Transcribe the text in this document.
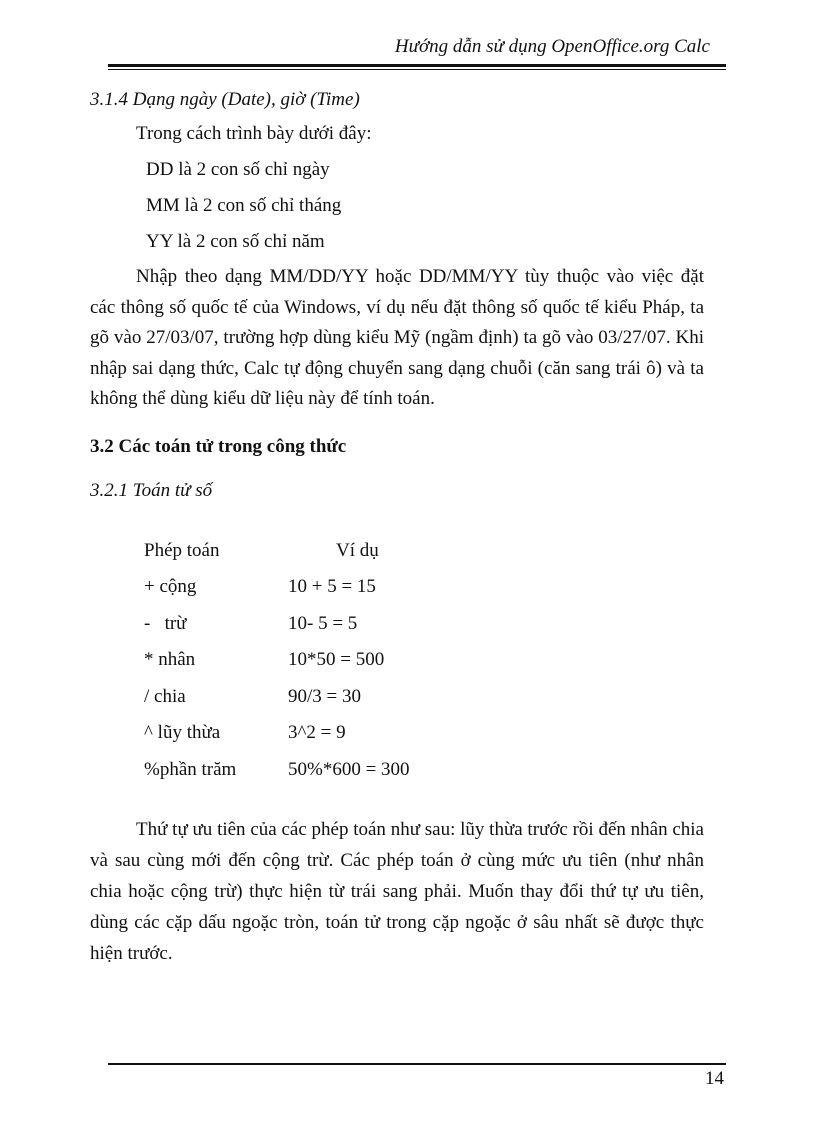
Hướng dẫn sử dụng OpenOffice.org Calc

3.1.4 Dạng ngày (Date), giờ (Time)

Trong cách trình bày dưới đây:

DD là 2 con số chỉ ngày

MM là 2 con số chỉ tháng

YY là 2 con số chỉ năm

Nhập theo dạng MM/DD/YY hoặc DD/MM/YY tùy thuộc vào việc đặt các thông số quốc tế của Windows, ví dụ nếu đặt thông số quốc tế kiểu Pháp, ta gõ vào 27/03/07, trường hợp dùng kiểu Mỹ (ngầm định) ta gõ vào 03/27/07. Khi nhập sai dạng thức, Calc tự động chuyển sang dạng chuỗi (căn sang trái ô) và ta không thể dùng kiểu dữ liệu này để tính toán.

3.2 Các toán tử trong công thức

3.2.1 Toán tử số

Phép toán	Ví dụ
+ cộng	10 + 5 = 15
-   trừ	10- 5 = 5
* nhân	10*50 = 500
/ chia	90/3 = 30
^ lũy thừa	3^2 = 9
%phần trăm	50%*600 = 300

Thứ tự ưu tiên của các phép toán như sau: lũy thừa trước rồi đến nhân chia và sau cùng mới đến cộng trừ. Các phép toán ở cùng mức ưu tiên (như nhân chia hoặc cộng trừ) thực hiện từ trái sang phải. Muốn thay đổi thứ tự ưu tiên, dùng các cặp dấu ngoặc tròn, toán tử trong cặp ngoặc ở sâu nhất sẽ được thực hiện trước.

14
